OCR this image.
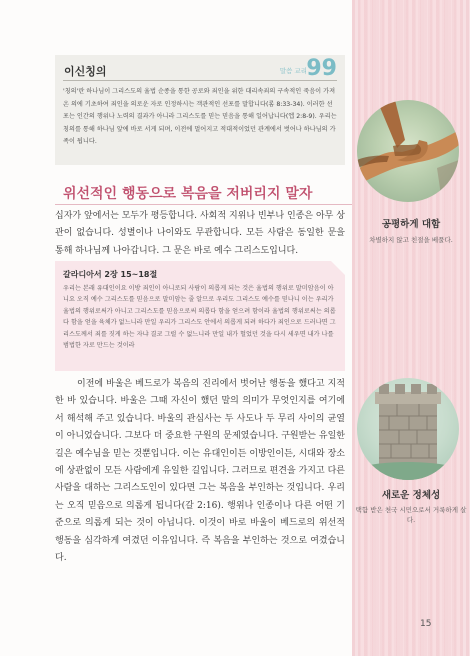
이신칭의	말씀 교리 99
'칭의'란 하나님이 그리스도의 율법 순종을 통한 공로와 죄인을 위한 대리속죄의 구속적인 죽음이 가져온 의에 기초하여 죄인을 의로운 자로 인정하시는 객관적인 선포를 말합니다(롬 8:33-34). 이러한 선포는 인간의 행위나 노력의 결과가 아니라 그리스도를 믿는 믿음을 통해 일어납니다(엡 2:8-9). 우리는 칭의를 통해 하나님 앞에 바로 서게 되며, 이전에 멀어지고 적대적이었던 관계에서 벗어나 하나님의 가족이 됩니다.
위선적인 행동으로 복음을 저버리지 말자
십자가 앞에서는 모두가 평등합니다. 사회적 지위나 빈부나 인종은 아무 상관이 없습니다. 성별이나 나이와도 무관합니다. 모든 사람은 동일한 문을 통해 하나님께 나아갑니다. 그 문은 바로 예수 그리스도입니다.
갈라디아서 2장 15~18절
우리는 본래 유대인이요 이방 죄인이 아니로되 사람이 의롭게 되는 것은 율법의 행위로 말미암음이 아니요 오직 예수 그리스도를 믿음으로 말미암는 줄 알므로 우리도 그리스도 예수를 믿나니 이는 우리가 율법의 행위로써가 아니고 그리스도를 믿음으로써 의롭다 함을 얻으려 함이라 율법의 행위로써는 의롭다 함을 얻을 육체가 없느니라 만일 우리가 그리스도 안에서 의롭게 되려 하다가 죄인으로 드러나면 그리스도께서 죄를 짓게 하는 자냐 결코 그럴 수 없느니라 만일 내가 헐었던 것을 다시 세우면 내가 나를 범법한 자로 만드는 것이라
이전에 바울은 베드로가 복음의 진리에서 벗어난 행동을 했다고 지적한 바 있습니다. 바울은 그때 자신이 했던 말의 의미가 무엇인지를 여기에서 해석해 주고 있습니다. 바울의 관심사는 두 사도나 두 무리 사이의 균열이 아니었습니다. 그보다 더 중요한 구원의 문제였습니다. 구원받는 유일한 길은 예수님을 믿는 것뿐입니다. 이는 유대인이든 이방인이든, 시대와 장소에 상관없이 모든 사람에게 유일한 길입니다. 그러므로 편견을 가지고 다른 사람을 대하는 그리스도인이 있다면 그는 복음을 부인하는 것입니다. 우리는 오직 믿음으로 의롭게 됩니다(갈 2:16). 행위나 인종이나 다른 어떤 기준으로 의롭게 되는 것이 아닙니다. 이것이 바로 바울이 베드로의 위선적 행동을 심각하게 여겼던 이유입니다. 즉 복음을 부인하는 것으로 여겼습니다.
공평하게 대함
차별하지 않고 친절을 베풀다.
새로운 정체성
택함 받은 천국 시민으로서 거룩하게 살다.
15
